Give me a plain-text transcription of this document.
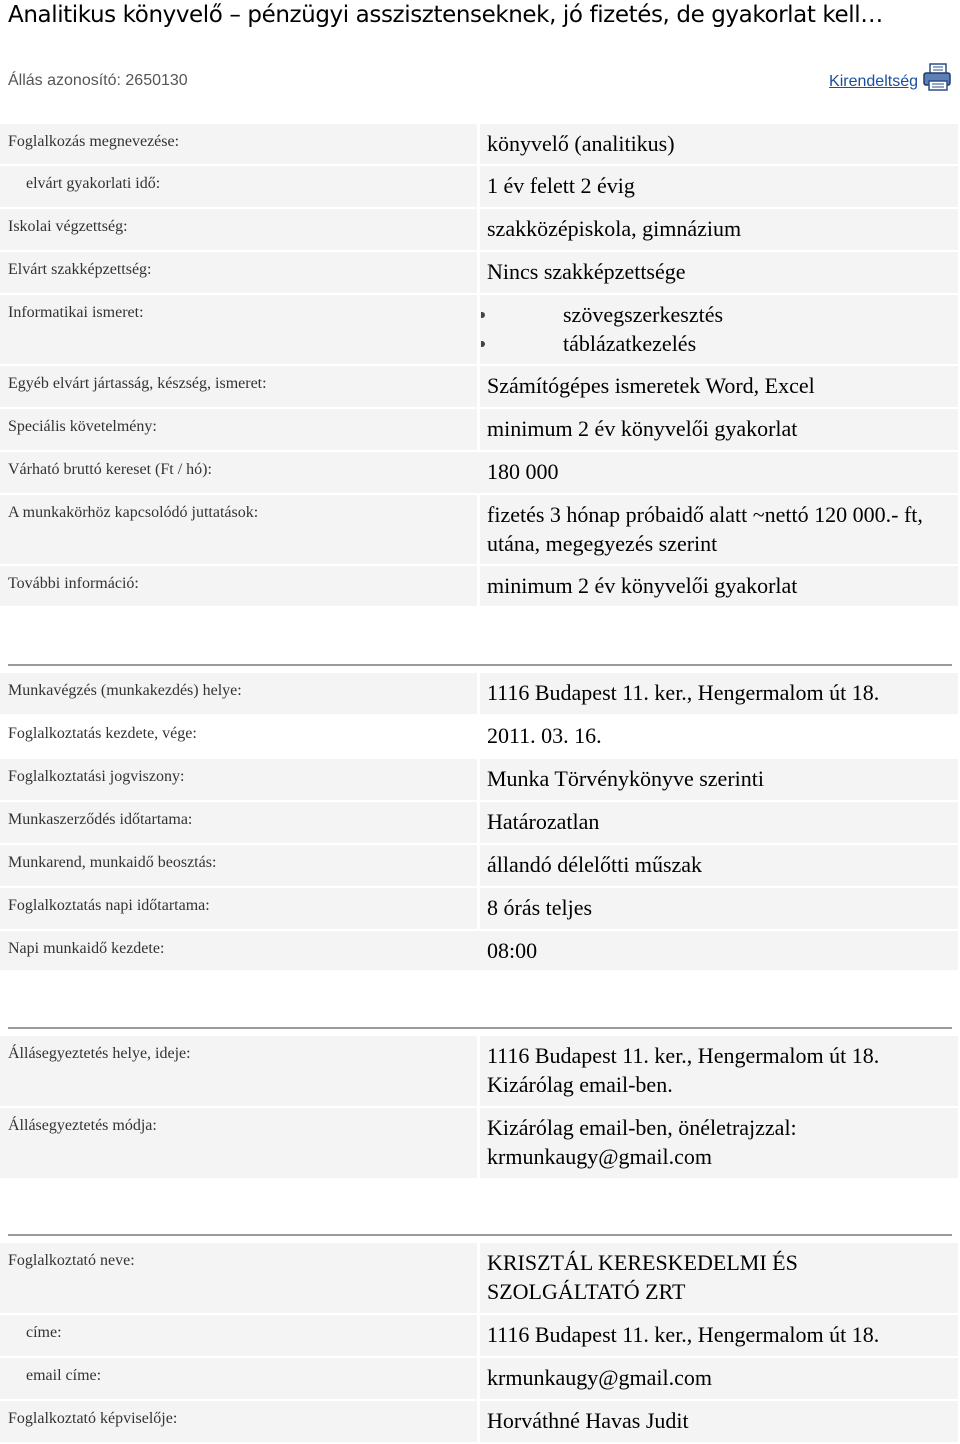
Analitikus könyvelő – pénzügyi asszisztenseknek, jó fizetés, de gyakorlat kell…
Állás azonosító: 2650130	Kirendeltség
Foglalkozás megnevezése:	könyvelő (analitikus)
elvárt gyakorlati idő:	1 év felett 2 évig
Iskolai végzettség:	szakközépiskola, gimnázium
Elvárt szakképzettség:	Nincs szakképzettsége
Informatikai ismeret:	szövegszerkesztés
táblázatkezelés
Egyéb elvárt jártasság, készség, ismeret:	Számítógépes ismeretek Word, Excel
Speciális követelmény:	minimum 2 év könyvelői gyakorlat
Várható bruttó kereset (Ft / hó):	180 000
A munkakörhöz kapcsolódó juttatások:	fizetés 3 hónap próbaidő alatt ~nettó 120 000.- ft, utána, megegyezés szerint
További információ:	minimum 2 év könyvelői gyakorlat
Munkavégzés (munkakezdés) helye:	1116 Budapest 11. ker., Hengermalom út 18.
Foglalkoztatás kezdete, vége:	2011. 03. 16.
Foglalkoztatási jogviszony:	Munka Törvénykönyve szerinti
Munkaszerződés időtartama:	Határozatlan
Munkarend, munkaidő beosztás:	állandó délelőtti műszak
Foglalkoztatás napi időtartama:	8 órás teljes
Napi munkaidő kezdete:	08:00
Állásegyeztetés helye, ideje:	1116 Budapest 11. ker., Hengermalom út 18. Kizárólag email-ben.
Állásegyeztetés módja:	Kizárólag email-ben, önéletrajzzal: krmunkaugy@gmail.com
Foglalkoztató neve:	KRISZTÁL KERESKEDELMI ÉS SZOLGÁLTATÓ ZRT
címe:	1116 Budapest 11. ker., Hengermalom út 18.
email címe:	krmunkaugy@gmail.com
Foglalkoztató képviselője:	Horváthné Havas Judit
